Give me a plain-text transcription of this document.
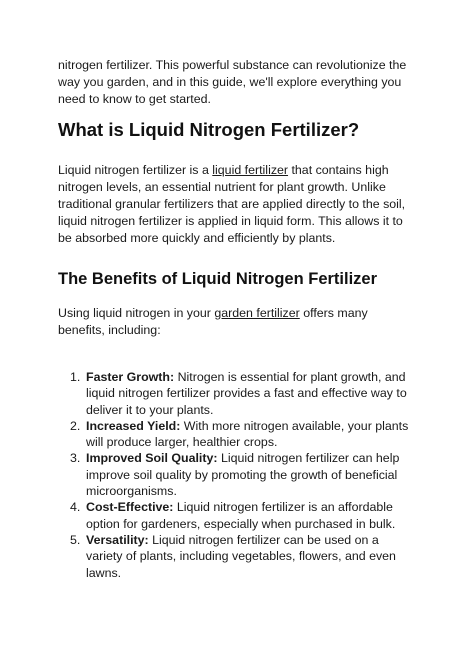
nitrogen fertilizer. This powerful substance can revolutionize the way you garden, and in this guide, we'll explore everything you need to know to get started.

What is Liquid Nitrogen Fertilizer?

Liquid nitrogen fertilizer is a liquid fertilizer that contains high nitrogen levels, an essential nutrient for plant growth. Unlike traditional granular fertilizers that are applied directly to the soil, liquid nitrogen fertilizer is applied in liquid form. This allows it to be absorbed more quickly and efficiently by plants.

The Benefits of Liquid Nitrogen Fertilizer

Using liquid nitrogen in your garden fertilizer offers many benefits, including:

1. Faster Growth: Nitrogen is essential for plant growth, and liquid nitrogen fertilizer provides a fast and effective way to deliver it to your plants.
2. Increased Yield: With more nitrogen available, your plants will produce larger, healthier crops.
3. Improved Soil Quality: Liquid nitrogen fertilizer can help improve soil quality by promoting the growth of beneficial microorganisms.
4. Cost-Effective: Liquid nitrogen fertilizer is an affordable option for gardeners, especially when purchased in bulk.
5. Versatility: Liquid nitrogen fertilizer can be used on a variety of plants, including vegetables, flowers, and even lawns.
